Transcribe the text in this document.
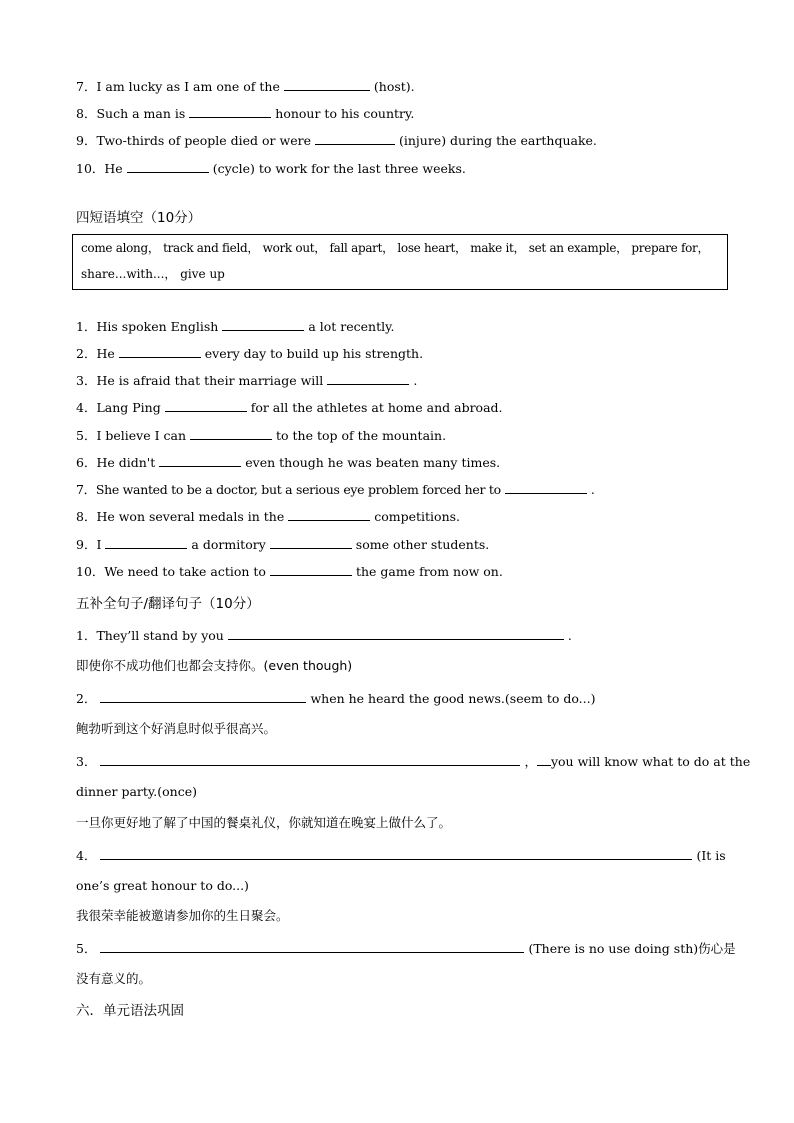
7．I am lucky as I am one of the	(host).
8．Such a man is	honour to his country.
9．Two-thirds of people died or were	(injure) during the earthquake.
10．He	(cycle) to work for the last three weeks.
四短语填空（10分）
come along， track and field， work out， fall apart， lose heart， make it， set an example， prepare for，
share...with...， give up
1．His spoken English	a lot recently.
2．He	every day to build up his strength.
3．He is afraid that their marriage will	.
4．Lang Ping	for all the athletes at home and abroad.
5．I believe I can	to the top of the mountain.
6．He didn't	even though he was beaten many times.
7．She wanted to be a doctor, but a serious eye problem forced her to	.
8．He won several medals in the	competitions.
9．I	a dormitory	some other students.
10．We need to take action to	the game from now on.
五补全句子/翻译句子（10分）
1．They’ll stand by you	.
即使你不成功他们也都会支持你。(even though)
2．	when he heard the good news.(seem to do...)
鲍勃听到这个好消息时似乎很高兴。
3．	， you will know what to do at the
dinner party.(once)
一旦你更好地了解了中国的餐桌礼仪，你就知道在晚宴上做什么了。
4．	(It is
one’s great honour to do...)
我很荣幸能被邀请参加你的生日聚会。
5．	(There is no use doing sth)伤心是
没有意义的。
六．单元语法巩固
